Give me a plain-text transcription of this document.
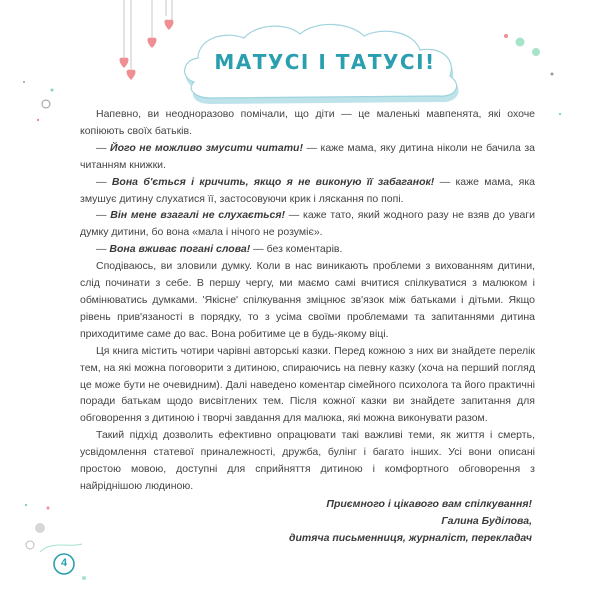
МАТУСІ І ТАТУСІ!

Напевно, ви неодноразово помічали, що діти — це маленькі мавпенята, які охоче копіюють своїх батьків.

— Його не можливо змусити читати! — каже мама, яку дитина ніколи не бачила за читанням книжки.

— Вона б'ється і кричить, якщо я не виконую її забаганок! — каже мама, яка змушує дитину слухатися її, застосовуючи крик і ляскання по попі.

— Він мене взагалі не слухається! — каже тато, який жодного разу не взяв до уваги думку дитини, бо вона «мала і нічого не розуміє».

— Вона вживає погані слова! — без коментарів.

Сподіваюсь, ви зловили думку. Коли в нас виникають проблеми з вихованням дитини, слід починати з себе. В першу чергу, ми маємо самі вчитися спілкуватися з малюком і обмінюватись думками. 'Якісне' спілкування зміцнює зв'язок між батьками і дітьми. Якщо рівень прив'язаності в порядку, то з усіма своїми проблемами та запитаннями дитина приходитиме саме до вас. Вона робитиме це в будь-якому віці.

Ця книга містить чотири чарівні авторські казки. Перед кожною з них ви знайдете перелік тем, на які можна поговорити з дитиною, спираючись на певну казку (хоча на перший погляд це може бути не очевидним). Далі наведено коментар сімейного психолога та його практичні поради батькам щодо висвітлених тем. Після кожної казки ви знайдете запитання для обговорення з дитиною і творчі завдання для малюка, які можна виконувати разом.

Такий підхід дозволить ефективно опрацювати такі важливі теми, як життя і смерть, усвідомлення статевої приналежності, дружба, булінг і багато інших. Усі вони описані простою мовою, доступні для сприйняття дитиною і комфортного обговорення з найріднішою людиною.

Приємного і цікавого вам спілкування!
Галина Буділова,
дитяча письменниця, журналіст, перекладач
4
